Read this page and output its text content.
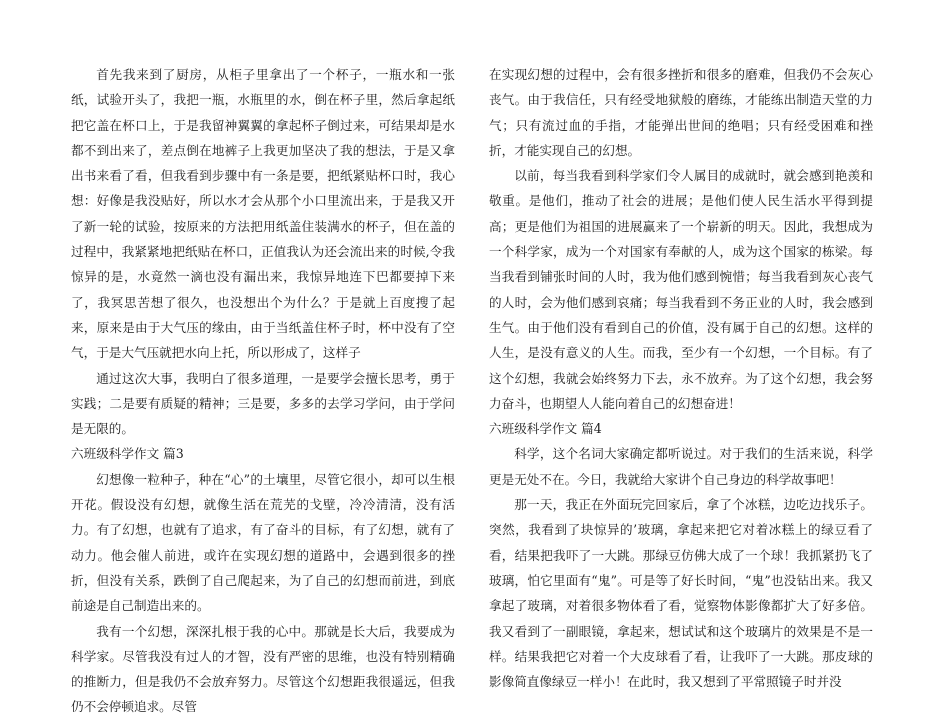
首先我来到了厨房，从柜子里拿出了一个杯子，一瓶水和一张纸，试验开头了，我把一瓶，水瓶里的水，倒在杯子里，然后拿起纸把它盖在杯口上，于是我留神翼翼的拿起杯子倒过来，可结果却是水都不到出来了，差点倒在地裤子上我更加坚决了我的想法，于是又拿出书来看了看，但我看到步骤中有一条是要，把纸紧贴杯口时，我心想：好像是我没贴好，所以水才会从那个小口里流出来，于是我又开了新一轮的试验，按原来的方法把用纸盖住装满水的杯子，但在盖的过程中，我紧紧地把纸贴在杯口，正值我认为还会流出来的时候,令我惊异的是，水竟然一滴也没有漏出来，我惊异地连下巴都要掉下来了，我冥思苦想了很久，也没想出个为什么？于是就上百度搜了起来，原来是由于大气压的缘由，由于当纸盖住杯子时，杯中没有了空气，于是大气压就把水向上托，所以形成了，这样子

通过这次大事，我明白了很多道理，一是要学会擅长思考，勇于实践；二是要有质疑的精神；三是要，多多的去学习学问，由于学问是无限的。

六班级科学作文 篇3

幻想像一粒种子，种在“心”的土壤里，尽管它很小，却可以生根开花。假设没有幻想，就像生活在荒芜的戈壁，冷冷清清，没有活力。有了幻想，也就有了追求，有了奋斗的目标，有了幻想，就有了动力。他会催人前进，或许在实现幻想的道路中，会遇到很多的挫折，但没有关系，跌倒了自己爬起来，为了自己的幻想而前进，到底前途是自己制造出来的。

我有一个幻想，深深扎根于我的心中。那就是长大后，我要成为科学家。尽管我没有过人的才智，没有严密的思维，也没有特别精确　　的推断力，但是我仍不会放弃努力。尽管这个幻想距我很遥远，但我仍不会停顿追求。尽管

在实现幻想的过程中，会有很多挫折和很多的磨难，但我仍不会灰心丧气。由于我信任，只有经受地狱般的磨练，才能练出制造天堂的力气；只有流过血的手指，才能弹出世间的绝唱；只有经受困难和挫折，才能实现自己的幻想。

以前，每当我看到科学家们令人属目的成就时，就会感到艳羡和敬重。是他们，推动了社会的进展；是他们使人民生活水平得到提高；更是他们为祖国的进展赢来了一个崭新的明天。因此，我想成为一个科学家，成为一个对国家有奉献的人，成为这个国家的栋梁。每当我看到铺张时间的人时，我为他们感到惋惜；每当我看到灰心丧气的人时，会为他们感到哀痛；每当我看到不务正业的人时，我会感到生气。由于他们没有看到自己的价值，没有属于自己的幻想。这样的人生，是没有意义的人生。而我，至少有一个幻想，一个目标。有了这个幻想，我就会始终努力下去，永不放弃。为了这个幻想，我会努力奋斗，也期望人人能向着自己的幻想奋进！

六班级科学作文 篇4

科学，这个名词大家确定都听说过。对于我们的生活来说，科学更是无处不在。今日，我就给大家讲个自己身边的科学故事吧！

那一天，我正在外面玩完回家后，拿了个冰糕，边吃边找乐子。突然，我看到了块惊异的’玻璃，拿起来把它对着冰糕上的绿豆看了看，结果把我吓了一大跳。那绿豆仿佛大成了一个球！我抓紧扔飞了玻璃，怕它里面有“鬼”。可是等了好长时间，“鬼”也没钻出来。我又拿起了玻璃，对着很多物体看了看，觉察物体影像都扩大了好多倍。我又看到了一副眼镜，拿起来，想试试和这个玻璃片的效果是不是一样。结果我把它对着一个大皮球看了看，让我吓了一大跳。那皮球的影像简直像绿豆一样小！在此时，我又想到了平常照镜子时并没
